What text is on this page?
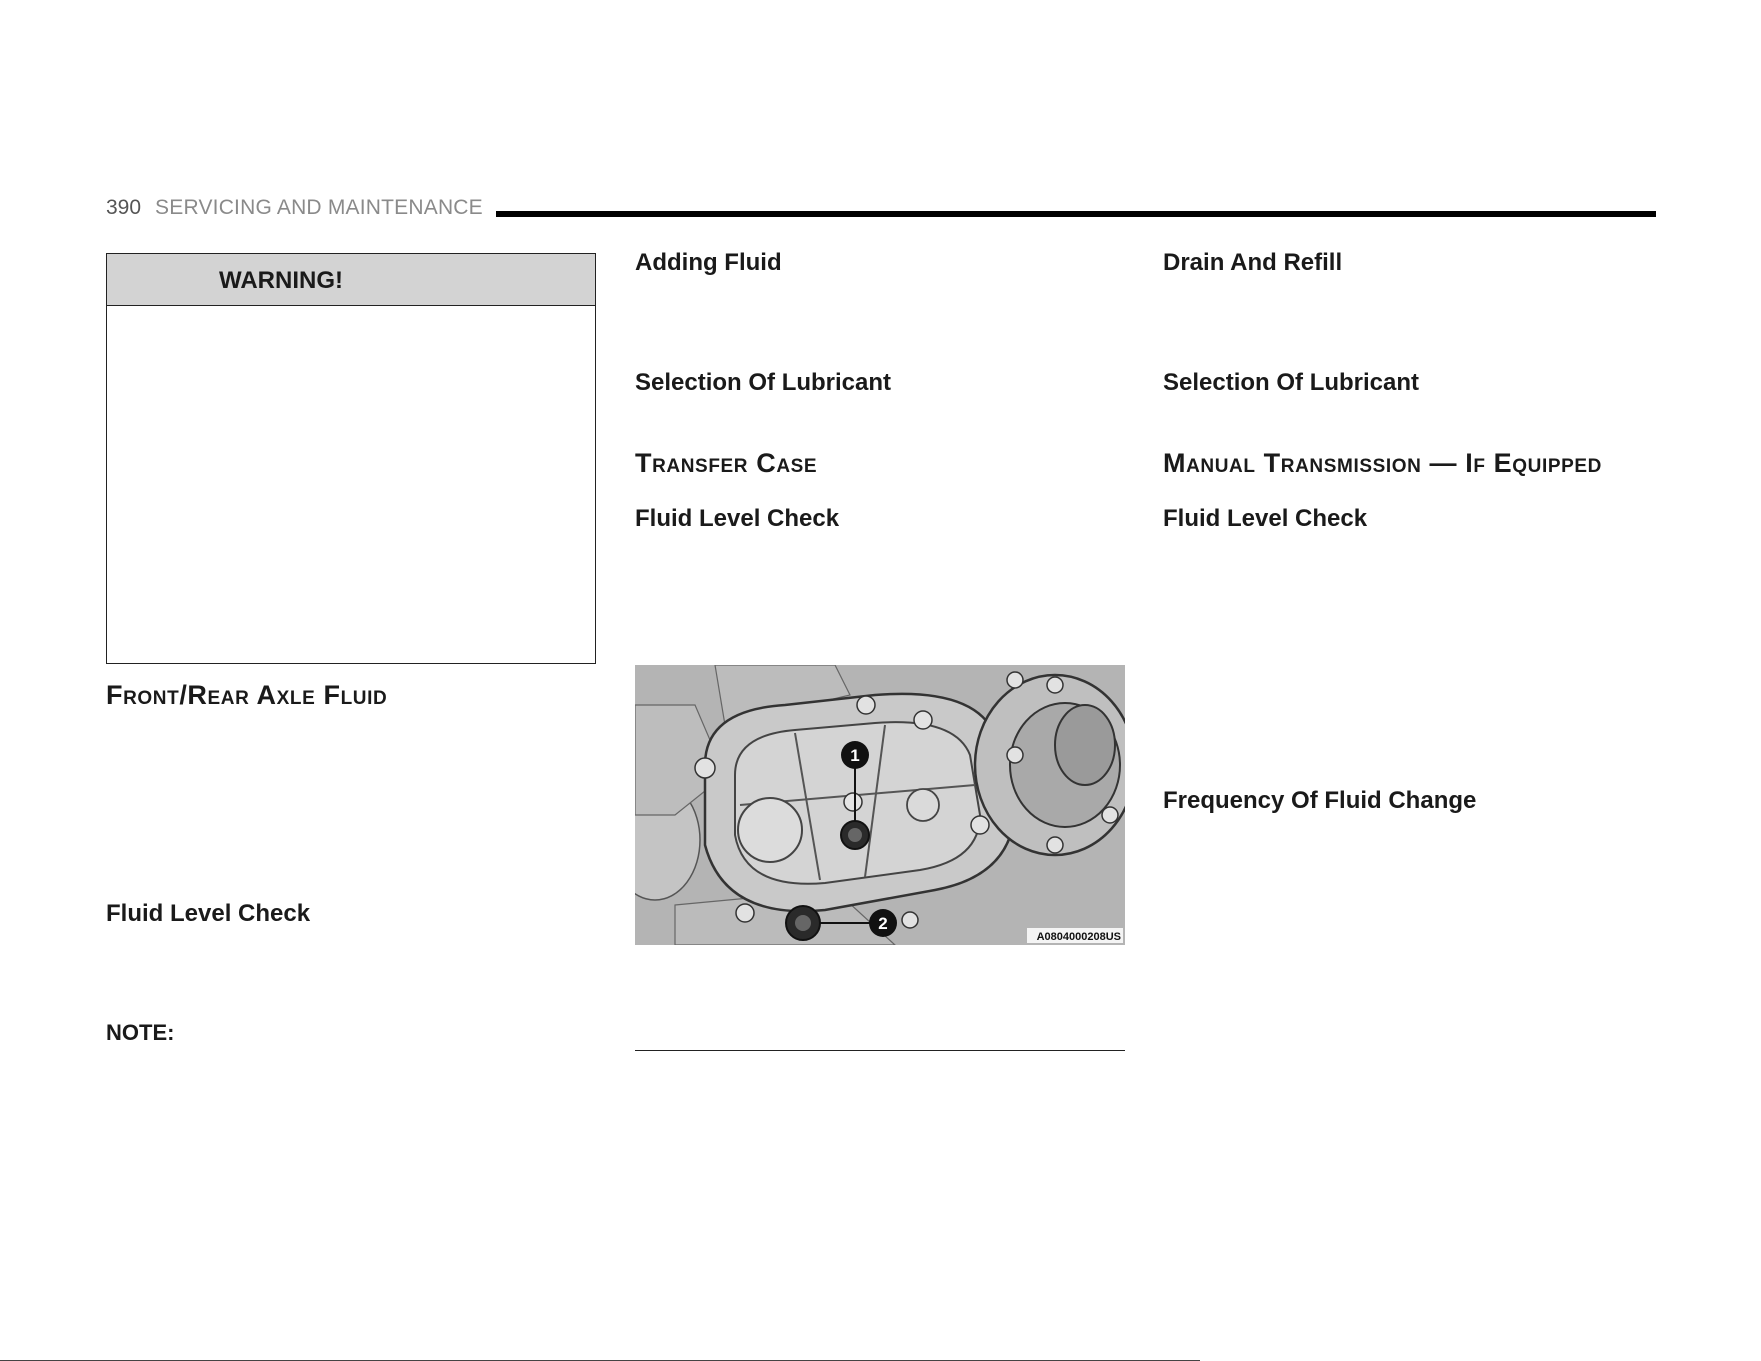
390 SERVICING AND MAINTENANCE
WARNING!
Front/Rear Axle Fluid
Fluid Level Check
NOTE:
Adding Fluid
Selection Of Lubricant
Transfer Case
Fluid Level Check
1
2
A0804000208US
Drain And Refill
Selection Of Lubricant
Manual Transmission — If Equipped
Fluid Level Check
Frequency Of Fluid Change
